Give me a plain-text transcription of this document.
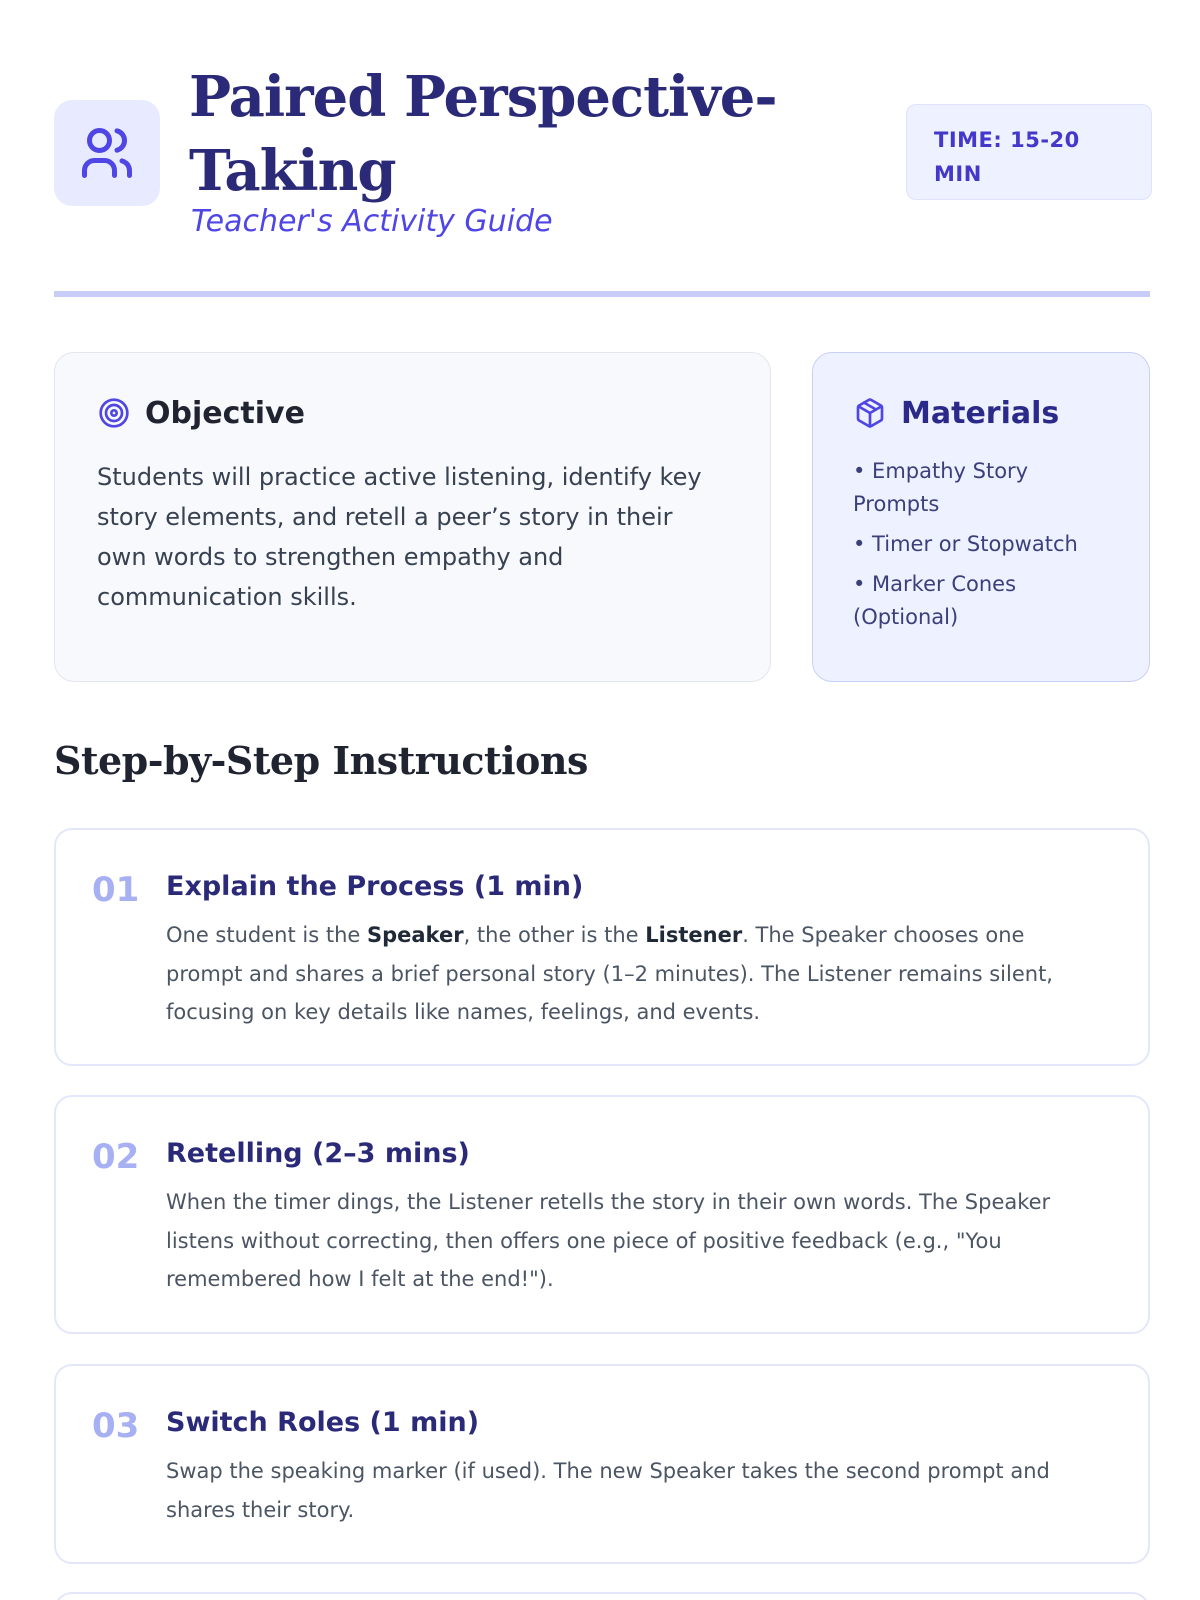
Paired Perspective-Taking
Teacher's Activity Guide
TIME: 15-20 MIN
Objective

Students will practice active listening, identify key story elements, and retell a peer’s story in their own words to strengthen empathy and communication skills.

Materials
• Empathy Story Prompts
• Timer or Stopwatch
• Marker Cones (Optional)
Step-by-Step Instructions
01 Explain the Process (1 min)

One student is the Speaker, the other is the Listener. The Speaker chooses one prompt and shares a brief personal story (1–2 minutes). The Listener remains silent, focusing on key details like names, feelings, and events.

02 Retelling (2–3 mins)

When the timer dings, the Listener retells the story in their own words. The Speaker listens without correcting, then offers one piece of positive feedback (e.g., "You remembered how I felt at the end!").

03 Switch Roles (1 min)

Swap the speaking marker (if used). The new Speaker takes the second prompt and shares their story.
